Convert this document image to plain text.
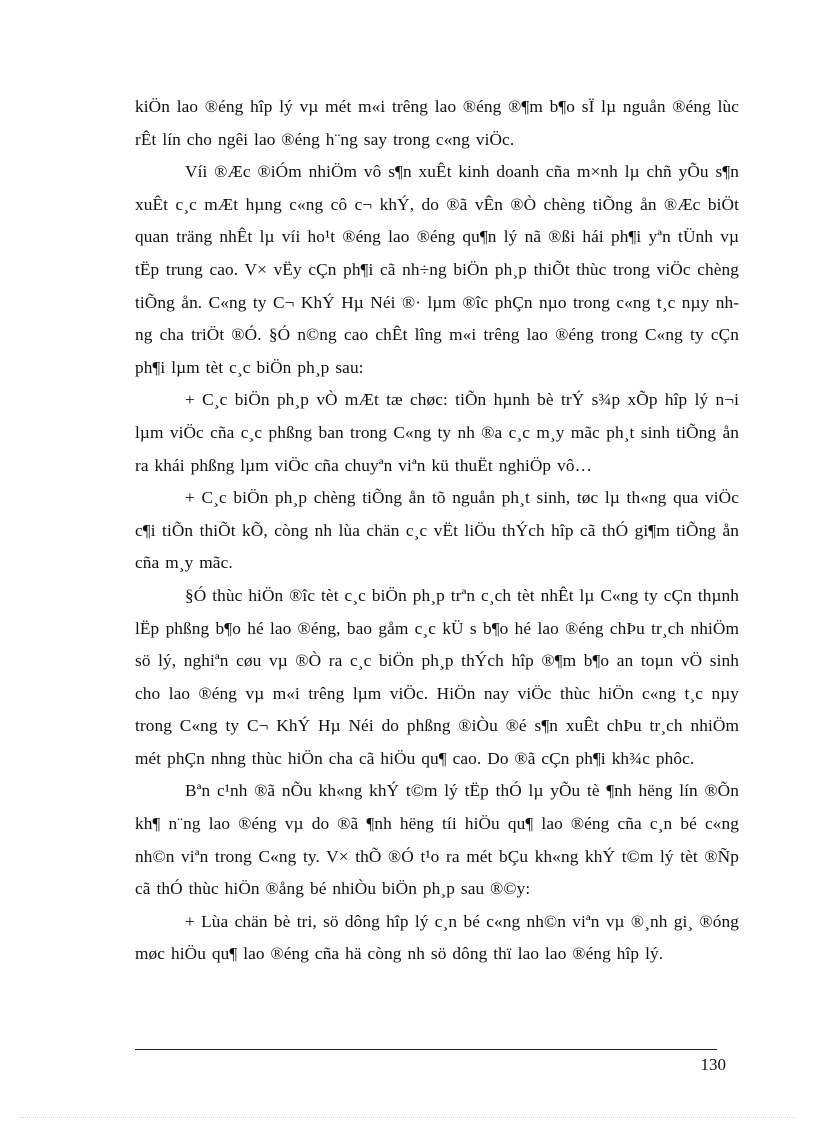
kiÖn lao ®éng hîp lý vµ mét m«i trêng lao ®éng ®¶m b¶o sÏ lµ nguån ®éng lùc rÊt lín cho ngêi lao ®éng h¨ng say trong c«ng viÖc.

Víi ®Æc ®iÓm nhiÖm vô s¶n xuÊt kinh doanh cña m×nh lµ chñ yÕu s¶n xuÊt c¸c mÆt hµng c«ng cô c¬ khÝ, do ®ã vÊn ®Ò chèng tiÕng ån ®Æc biÖt quan träng nhÊt lµ víi ho¹t ®éng lao ®éng qu¶n lý nã ®ßi hái ph¶i yªn tÜnh vµ tËp trung cao. V× vËy cÇn ph¶i cã nh÷ng biÖn ph¸p thiÕt thùc trong viÖc chèng tiÕng ån. C«ng ty C¬ KhÝ Hµ Néi ®· lµm ®îc phÇn nµo trong c«ng t¸c nµy nhng cha triÖt ®Ó. §Ó n©ng cao chÊt lîng m«i trêng lao ®éng trong C«ng ty cÇn ph¶i lµm tèt c¸c biÖn ph¸p sau:

+ C¸c biÖn ph¸p vÒ mÆt tæ chøc: tiÕn hµnh bè trÝ s¾p xÕp hîp lý n¬i lµm viÖc cña c¸c phßng ban trong C«ng ty nh ®a c¸c m¸y mãc ph¸t sinh tiÕng ån ra khái phßng lµm viÖc cña chuyªn viªn kü thuËt nghiÖp vô…

+ C¸c biÖn ph¸p chèng tiÕng ån tõ nguån ph¸t sinh, tøc lµ th«ng qua viÖc c¶i tiÕn thiÕt kÕ, còng nh lùa chän c¸c vËt liÖu thÝch hîp cã thÓ gi¶m tiÕng ån cña m¸y mãc.

§Ó thùc hiÖn ®îc tèt c¸c biÖn ph¸p trªn c¸ch tèt nhÊt lµ C«ng ty cÇn thµnh lËp phßng b¶o hé lao ®éng, bao gåm c¸c kÜ s b¶o hé lao ®éng chÞu tr¸ch nhiÖm sö lý, nghiªn cøu vµ ®Ò ra c¸c biÖn ph¸p thÝch hîp ®¶m b¶o an toµn vÖ sinh cho lao ®éng vµ m«i trêng lµm viÖc. HiÖn nay viÖc thùc hiÖn c«ng t¸c nµy trong C«ng ty C¬ KhÝ Hµ Néi do phßng ®iÒu ®é s¶n xuÊt chÞu tr¸ch nhiÖm mét phÇn nhng thùc hiÖn cha cã hiÖu qu¶ cao. Do ®ã cÇn ph¶i kh¾c phôc.

Bªn c¹nh ®ã nÕu kh«ng khÝ t©m lý tËp thÓ lµ yÕu tè ¶nh hëng lín ®Õn kh¶ n¨ng lao ®éng vµ do ®ã ¶nh hëng tíi hiÖu qu¶ lao ®éng cña c¸n bé c«ng nh©n viªn trong C«ng ty. V× thÕ ®Ó t¹o ra mét bÇu kh«ng khÝ t©m lý tèt ®Ñp cã thÓ thùc hiÖn ®ång bé nhiÒu biÖn ph¸p sau ®©y:

+ Lùa chän bè tri, sö dông hîp lý c¸n bé c«ng nh©n viªn vµ ®¸nh gi¸ ®óng møc hiÖu qu¶ lao ®éng cña hä còng nh sö dông thï lao lao ®éng hîp lý.

130
